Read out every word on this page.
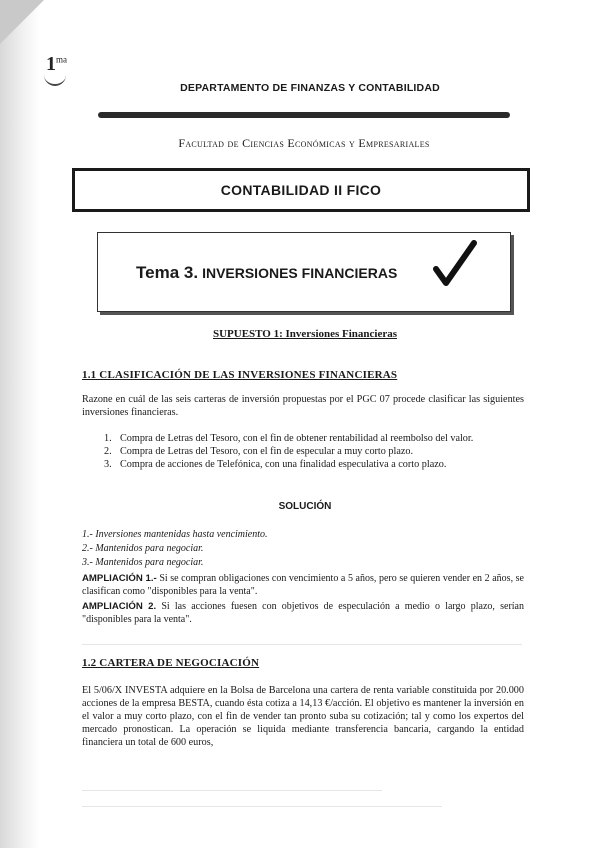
$1^{ma}$
DEPARTAMENTO DE FINANZAS Y CONTABILIDAD
Facultad de Ciencias Económicas y Empresariales
CONTABILIDAD II FICO
Tema 3. INVERSIONES FINANCIERAS
SUPUESTO 1: Inversiones Financieras
1.1 CLASIFICACIÓN DE LAS INVERSIONES FINANCIERAS
Razone en cuál de las seis carteras de inversión propuestas por el PGC 07 procede clasificar las siguientes inversiones financieras.
1. Compra de Letras del Tesoro, con el fin de obtener rentabilidad al reembolso del valor.
2. Compra de Letras del Tesoro, con el fin de especular a muy corto plazo.
3. Compra de acciones de Telefónica, con una finalidad especulativa a corto plazo.
SOLUCIÓN
1.- Inversiones mantenidas hasta vencimiento.
2.- Mantenidos para negociar.
3.- Mantenidos para negociar.
AMPLIACIÓN 1.- Si se compran obligaciones con vencimiento a 5 años, pero se quieren vender en 2 años, se clasifican como "disponibles para la venta".
AMPLIACIÓN 2. Si las acciones fuesen con objetivos de especulación a medio o largo plazo, serían "disponibles para la venta".
1.2 CARTERA DE NEGOCIACIÓN
El 5/06/X INVESTA adquiere en la Bolsa de Barcelona una cartera de renta variable constituida por 20.000 acciones de la empresa BESTA, cuando ésta cotiza a 14,13 €/acción. El objetivo es mantener la inversión en el valor a muy corto plazo, con el fin de vender tan pronto suba su cotización; tal y como los expertos del mercado pronostican. La operación se liquida mediante transferencia bancaria, cargando la entidad financiera un total de 600 euros,
